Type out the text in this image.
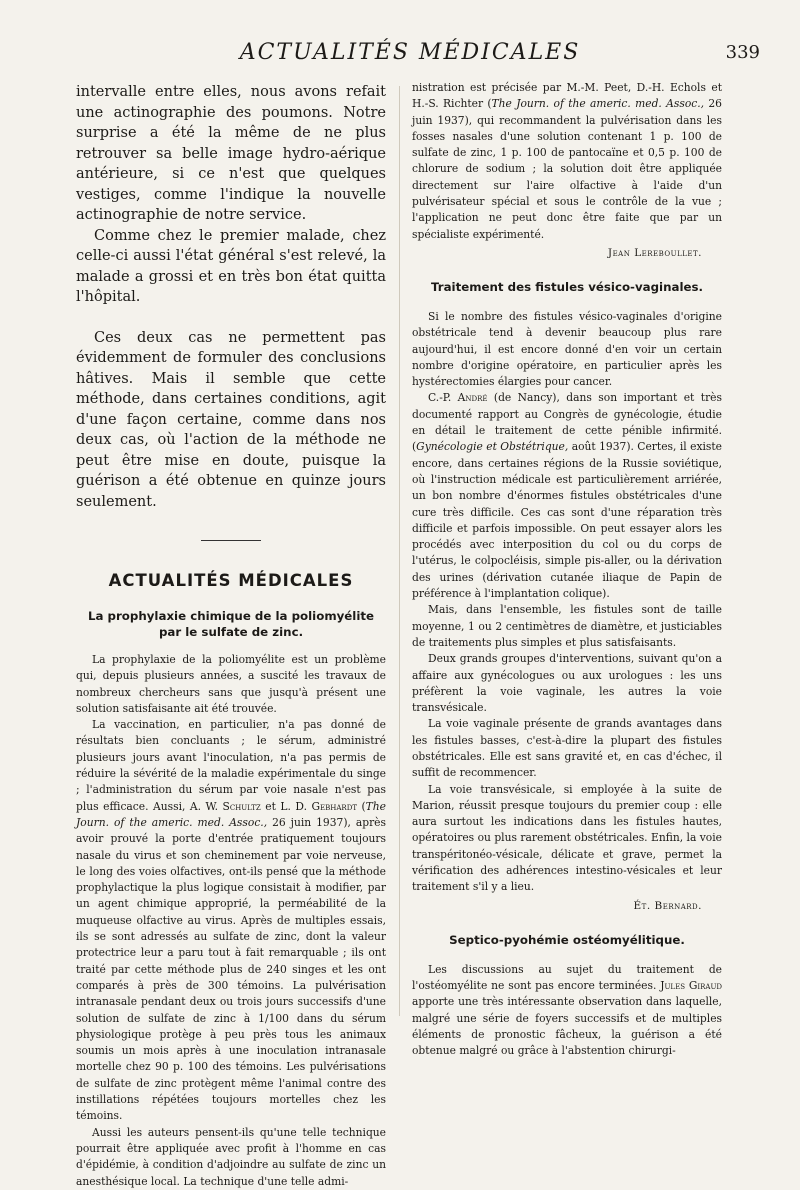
ACTUALITÉS MÉDICALES	339

intervalle entre elles, nous avons refait une actinographie des poumons. Notre surprise a été la même de ne plus retrouver sa belle image hydro-aérique antérieure, si ce n'est que quelques vestiges, comme l'indique la nouvelle actinographie de notre service.

Comme chez le premier malade, chez celle-ci aussi l'état général s'est relevé, la malade a grossi et en très bon état quitta l'hôpital.

Ces deux cas ne permettent pas évidemment de formuler des conclusions hâtives. Mais il semble que cette méthode, dans certaines conditions, agit d'une façon certaine, comme dans nos deux cas, où l'action de la méthode ne peut être mise en doute, puisque la guérison a été obtenue en quinze jours seulement.

ACTUALITÉS MÉDICALES
La prophylaxie chimique de la poliomyélite par le sulfate de zinc.

La prophylaxie de la poliomyélite est un problème qui, depuis plusieurs années, a suscité les travaux de nombreux chercheurs sans que jusqu'à présent une solution satisfaisante ait été trouvée.

La vaccination, en particulier, n'a pas donné de résultats bien concluants ; le sérum, administré plusieurs jours avant l'inoculation, n'a pas permis de réduire la sévérité de la maladie expérimentale du singe ; l'administration du sérum par voie nasale n'est pas plus efficace. Aussi, A. W. Schultz et L. D. Gebhardt (The Journ. of the americ. med. Assoc., 26 juin 1937), après avoir prouvé la porte d'entrée pratiquement toujours nasale du virus et son cheminement par voie nerveuse, le long des voies olfactives, ont-ils pensé que la méthode prophylactique la plus logique consistait à modifier, par un agent chimique approprié, la perméabilité de la muqueuse olfactive au virus. Après de multiples essais, ils se sont adressés au sulfate de zinc, dont la valeur protectrice leur a paru tout à fait remarquable ; ils ont traité par cette méthode plus de 240 singes et les ont comparés à près de 300 témoins. La pulvérisation intranasale pendant deux ou trois jours successifs d'une solution de sulfate de zinc à 1/100 dans du sérum physiologique protège à peu près tous les animaux soumis un mois après à une inoculation intranasale mortelle chez 90 p. 100 des témoins. Les pulvérisations de sulfate de zinc protègent même l'animal contre des instillations répétées toujours mortelles chez les témoins.

Aussi les auteurs pensent-ils qu'une telle technique pourrait être appliquée avec profit à l'homme en cas d'épidémie, à condition d'adjoindre au sulfate de zinc un anesthésique local. La technique d'une telle admi-

nistration est précisée par M.-M. Peet, D.-H. Echols et H.-S. Richter (The Journ. of the americ. med. Assoc., 26 juin 1937), qui recommandent la pulvérisation dans les fosses nasales d'une solution contenant 1 p. 100 de sulfate de zinc, 1 p. 100 de pantocaïne et 0,5 p. 100 de chlorure de sodium ; la solution doit être appliquée directement sur l'aire olfactive à l'aide d'un pulvérisateur spécial et sous le contrôle de la vue ; l'application ne peut donc être faite que par un spécialiste expérimenté.

Jean Lereboullet.
Traitement des fistules vésico-vaginales.

Si le nombre des fistules vésico-vaginales d'origine obstétricale tend à devenir beaucoup plus rare aujourd'hui, il est encore donné d'en voir un certain nombre d'origine opératoire, en particulier après les hystérectomies élargies pour cancer.

C.-P. André (de Nancy), dans son important et très documenté rapport au Congrès de gynécologie, étudie en détail le traitement de cette pénible infirmité. (Gynécologie et Obstétrique, août 1937). Certes, il existe encore, dans certaines régions de la Russie soviétique, où l'instruction médicale est particulièrement arriérée, un bon nombre d'énormes fistules obstétricales d'une cure très difficile. Ces cas sont d'une réparation très difficile et parfois impossible. On peut essayer alors les procédés avec interposition du col ou du corps de l'utérus, le colpocléisis, simple pis-aller, ou la dérivation des urines (dérivation cutanée iliaque de Papin de préférence à l'implantation colique).

Mais, dans l'ensemble, les fistules sont de taille moyenne, 1 ou 2 centimètres de diamètre, et justiciables de traitements plus simples et plus satisfaisants.

Deux grands groupes d'interventions, suivant qu'on a affaire aux gynécologues ou aux urologues : les uns préfèrent la voie vaginale, les autres la voie transvésicale.

La voie vaginale présente de grands avantages dans les fistules basses, c'est-à-dire la plupart des fistules obstétricales. Elle est sans gravité et, en cas d'échec, il suffit de recommencer.

La voie transvésicale, si employée à la suite de Marion, réussit presque toujours du premier coup : elle aura surtout les indications dans les fistules hautes, opératoires ou plus rarement obstétricales. Enfin, la voie transpéritonéo-vésicale, délicate et grave, permet la vérification des adhérences intestino-vésicales et leur traitement s'il y a lieu.

Ét. Bernard.
Septico-pyohémie ostéomyélitique.

Les discussions au sujet du traitement de l'ostéomyélite ne sont pas encore terminées. Jules Giraud apporte une très intéressante observation dans laquelle, malgré une série de foyers successifs et de multiples éléments de pronostic fâcheux, la guérison a été obtenue malgré ou grâce à l'abstention chirurgi-
